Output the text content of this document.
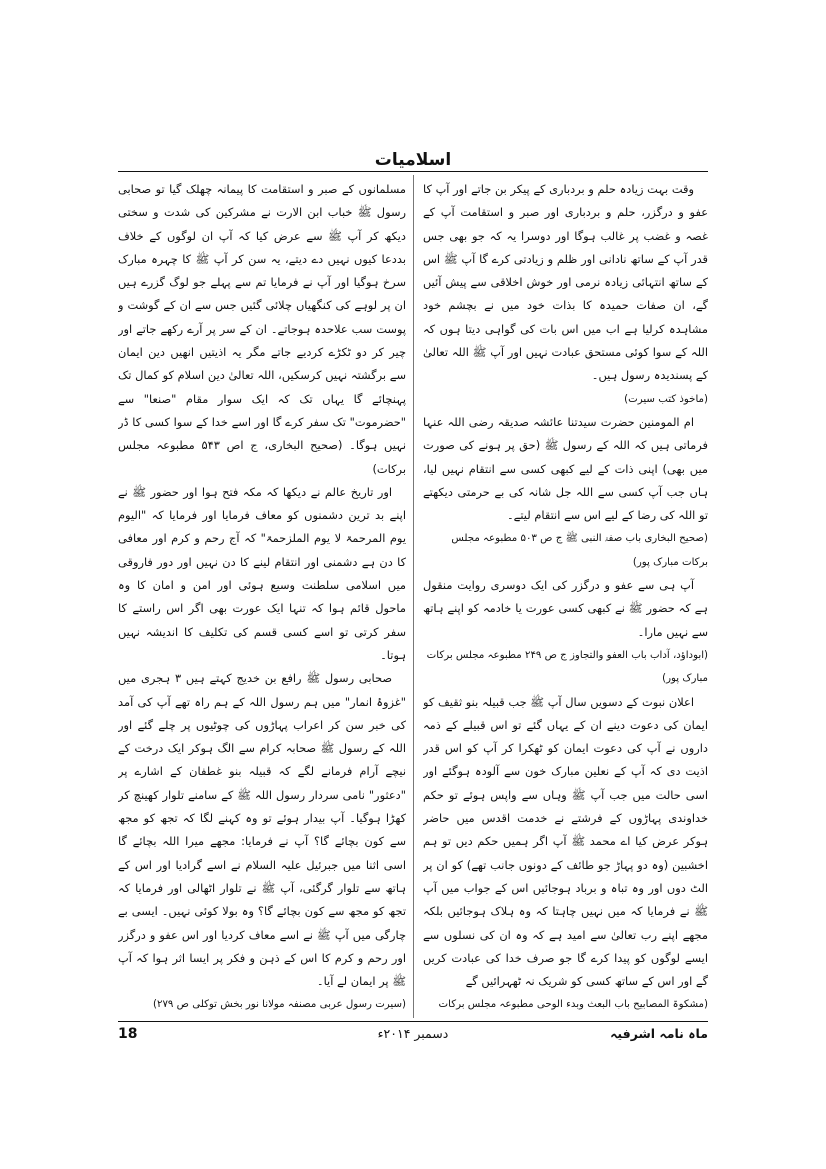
اسلامیات

وقت بہت زیادہ حلم و بردباری کے پیکر بن جاتے اور آپ کا عفو و درگزر، حلم و بردباری اور صبر و استقامت آپ کے غصہ و غضب پر غالب ہوگا اور دوسرا یہ کہ جو بھی جس قدر آپ کے ساتھ نادانی اور ظلم و زیادتی کرے گا آپ ﷺ اس کے ساتھ انتہائی زیادہ نرمی اور خوش اخلاقی سے پیش آئیں گے، ان صفات حمیدہ کا بذات خود میں نے بچشم خود مشاہدہ کرلیا ہے اب میں اس بات کی گواہی دیتا ہوں کہ اللہ کے سوا کوئی مستحق عبادت نہیں اور آپ ﷺ اللہ تعالیٰ کے پسندیدہ رسول ہیں۔

(ماخوذ کتب سیرت)

ام المومنین حضرت سیدتنا عائشہ صدیقہ رضی اللہ عنہا فرماتی ہیں کہ اللہ کے رسول ﷺ (حق پر ہونے کی صورت میں بھی) اپنی ذات کے لیے کبھی کسی سے انتقام نہیں لیا، ہاں جب آپ کسی سے اللہ جل شانہ کی بے حرمتی دیکھتے تو اللہ کی رضا کے لیے اس سے انتقام لیتے۔

(صحیح البخاری باب صفۃ النبی ﷺ ج ص ۵۰۳ مطبوعہ مجلس برکات مبارک پور)

آپ ہی سے عفو و درگزر کی ایک دوسری روایت منقول ہے کہ حضور ﷺ نے کبھی کسی عورت یا خادمہ کو اپنے ہاتھ سے نہیں مارا۔

(ابوداؤد، آداب باب العفو والتجاوز ج ص ۲۴۹ مطبوعہ مجلس برکات مبارک پور)

اعلان نبوت کے دسویں سال آپ ﷺ جب قبیلہ بنو ثقیف کو ایمان کی دعوت دینے ان کے یہاں گئے تو اس قبیلے کے ذمہ داروں نے آپ کی دعوت ایمان کو ٹھکرا کر آپ کو اس قدر اذیت دی کہ آپ کے نعلین مبارک خون سے آلودہ ہوگئے اور اسی حالت میں جب آپ ﷺ وہاں سے واپس ہوئے تو حکم خداوندی پہاڑوں کے فرشتے نے خدمت اقدس میں حاضر ہوکر عرض کیا اے محمد ﷺ آپ اگر ہمیں حکم دیں تو ہم اخشبین (وہ دو پہاڑ جو طائف کے دونوں جانب تھے) کو ان پر الٹ دوں اور وہ تباہ و برباد ہوجائیں اس کے جواب میں آپ ﷺ نے فرمایا کہ میں نہیں چاہتا کہ وہ ہلاک ہوجائیں بلکہ مجھے اپنے رب تعالیٰ سے امید ہے کہ وہ ان کی نسلوں سے ایسے لوگوں کو پیدا کرے گا جو صرف خدا کی عبادت کریں گے اور اس کے ساتھ کسی کو شریک نہ ٹھہرائیں گے

(مشکوۃ المصابیح باب البعث وبدء الوحی مطبوعہ مجلس برکات

مسلمانوں کے صبر و استقامت کا پیمانہ چھلک گیا تو صحابی رسول ﷺ خباب ابن الارت نے مشرکین کی شدت و سختی دیکھ کر آپ ﷺ سے عرض کیا کہ آپ ان لوگوں کے خلاف بددعا کیوں نہیں دے دیتے، یہ سن کر آپ ﷺ کا چہرہ مبارک سرخ ہوگیا اور آپ نے فرمایا تم سے پہلے جو لوگ گزرے ہیں ان پر لوہے کی کنگھیاں چلائی گئیں جس سے ان کے گوشت و پوست سب علاحدہ ہوجاتے۔ ان کے سر پر آرے رکھے جاتے اور چیر کر دو ٹکڑے کردیے جاتے مگر یہ اذیتیں انھیں دین ایمان سے برگشتہ نہیں کرسکیں، اللہ تعالیٰ دین اسلام کو کمال تک پہنچائے گا یہاں تک کہ ایک سوار مقام "صنعا" سے "حضرموت" تک سفر کرے گا اور اسے خدا کے سوا کسی کا ڈر نہیں ہوگا۔ (صحیح البخاری، ج اص ۵۴۳ مطبوعہ مجلس برکات)

اور تاریخ عالم نے دیکھا کہ مکہ فتح ہوا اور حضور ﷺ نے اپنے بد ترین دشمنوں کو معاف فرمایا اور فرمایا کہ "الیوم یوم المرحمۃ لا یوم الملزحمۃ" کہ آج رحم و کرم اور معافی کا دن ہے دشمنی اور انتقام لینے کا دن نہیں اور دور فاروقی میں اسلامی سلطنت وسیع ہوئی اور امن و امان کا وہ ماحول قائم ہوا کہ تنہا ایک عورت بھی اگر اس راستے کا سفر کرتی تو اسے کسی قسم کی تکلیف کا اندیشہ نہیں ہوتا۔

صحابی رسول ﷺ رافع بن خدیج کہتے ہیں ۳ ہجری میں "غزوۂ انمار" میں ہم رسول اللہ کے ہم راہ تھے آپ کی آمد کی خبر سن کر اعراب پہاڑوں کی چوٹیوں پر چلے گئے اور اللہ کے رسول ﷺ صحابہ کرام سے الگ ہوکر ایک درخت کے نیچے آرام فرمانے لگے کہ قبیلہ بنو غطفان کے اشارے پر "دعثور" نامی سردار رسول اللہ ﷺ کے سامنے تلوار کھینچ کر کھڑا ہوگیا۔ آپ بیدار ہوئے تو وہ کہنے لگا کہ تجھ کو مجھ سے کون بچائے گا؟ آپ نے فرمایا: مجھے میرا اللہ بچائے گا اسی اثنا میں جبرئیل علیہ السلام نے اسے گرادیا اور اس کے ہاتھ سے تلوار گرگئی، آپ ﷺ نے تلوار اٹھالی اور فرمایا کہ تجھ کو مجھ سے کون بچائے گا؟ وہ بولا کوئی نہیں۔ ایسی بے چارگی میں آپ ﷺ نے اسے معاف کردیا اور اس عفو و درگزر اور رحم و کرم کا اس کے ذہن و فکر پر ایسا اثر ہوا کہ آپ ﷺ پر ایمان لے آیا۔

(سیرت رسول عربی مصنفہ مولانا نور بخش توکلی ص ۲۷۹)

ماہ نامہ اشرفیہ
دسمبر ۲۰۱۴ء
18
